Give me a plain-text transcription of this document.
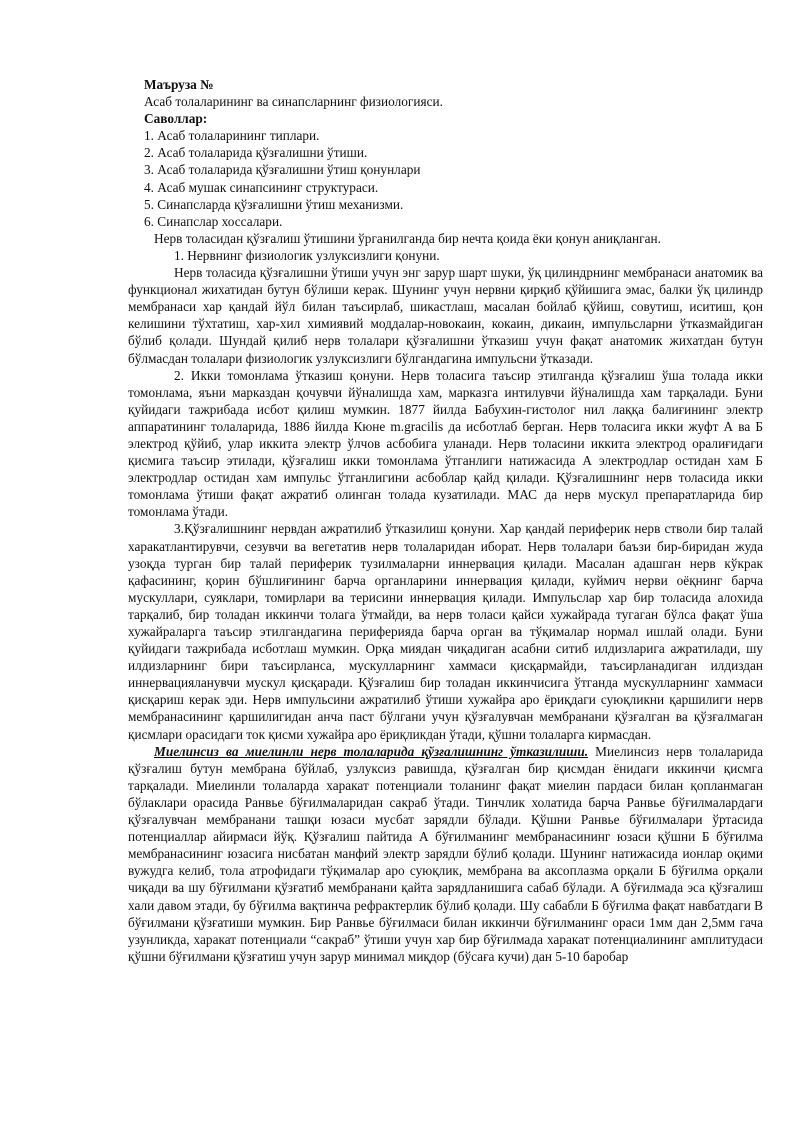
Маъруза №
Асаб толаларининг ва синапсларнинг физиологияси.
Саволлар:
1. Асаб толаларининг типлари.
2. Асаб толаларида қўзғалишни ўтиши.
3. Асаб толаларида қўзғалишни ўтиш қонунлари
4. Асаб мушак синапсининг структураси.
5. Синапсларда қўзғалишни ўтиш механизми.
6. Синапслар хоссалари.
Нерв толасидан қўзғалиш ўтишини ўрганилганда бир нечта қоида ёки қонун аниқланган.
1. Нервнинг физиологик узлуксизлиги қонуни.
Нерв толасида қўзғалишни ўтиши учун энг зарур шарт шуки, ўқ цилиндрнинг мембранаси анатомик ва функционал жихатидан бутун бўлиши керак. Шунинг учун нервни қирқиб қўйишига эмас, балки ўқ цилиндр мембранаси хар қандай йўл билан таъсирлаб, шикастлаш, масалан бойлаб қўйиш, совутиш, иситиш, қон келишини тўхтатиш, хар-хил химиявий моддалар-новокаин, кокаин, дикаин, импульсларни ўтказмайдиган бўлиб қолади. Шундай қилиб нерв толалари қўзғалишни ўтказиш учун фақат анатомик жихатдан бутун бўлмасдан толалари физиологик узлуксизлиги бўлгандагина импульсни ўтказади.
2. Икки томонлама ўтказиш қонуни. Нерв толасига таъсир этилганда қўзғалиш ўша толада икки томонлама, яъни марказдан қочувчи йўналишда хам, марказга интилувчи йўналишда хам тарқалади. Буни қуйидаги тажрибада исбот қилиш мумкин. 1877 йилда Бабухин-гистолог нил лаққа балиғининг электр аппаратининг толаларида, 1886 йилда Кюне m.gracilis да исботлаб берган. Нерв толасига икки жуфт А ва Б электрод қўйиб, улар иккита электр ўлчов асбобига уланади. Нерв толасини иккита электрод оралиғидаги қисмига таъсир этилади, қўзғалиш икки томонлама ўтганлиги натижасида А электродлар остидан хам Б электродлар остидан хам импульс ўтганлигини асбоблар қайд қилади. Қўзғалишнинг нерв толасида икки томонлама ўтиши фақат ажратиб олинган толада кузатилади. МАС да нерв мускул препаратларида бир томонлама ўтади.
3.Қўзғалишнинг нервдан ажратилиб ўтказилиш қонуни. Хар қандай периферик нерв стволи бир талай харакатлантирувчи, сезувчи ва вегетатив нерв толаларидан иборат. Нерв толалари баъзи бир-биридан жуда узоқда турган бир талай периферик тузилмаларни иннервация қилади. Масалан адашган нерв кўкрак қафасининг, қорин бўшлиғининг барча органларини иннервация қилади, куймич нерви оёқнинг барча мускуллари, суяклари, томирлари ва терисини иннервация қилади. Импульслар хар бир толасида алохида тарқалиб, бир толадан иккинчи толага ўтмайди, ва нерв толаси қайси хужайрада тугаган бўлса фақат ўша хужайраларга таъсир этилгандагина периферияда барча орган ва тўқималар нормал ишлай олади. Буни қуйидаги тажрибада исботлаш мумкин. Орқа миядан чиқадиган асабни ситиб илдизларига ажратилади, шу илдизларнинг бири таъсирланса, мускулларнинг хаммаси қисқармайди, таъсирланадиган илдиздан иннервацияланувчи мускул қисқаради. Қўзғалиш бир толадан иккинчисига ўтганда мускулларнинг хаммаси қисқариш керак эди. Нерв импульсини ажратилиб ўтиши хужайра аро ёриқдаги суюқликни қаршилиги нерв мембранасининг қаршилигидан анча паст бўлгани учун қўзғалувчан мембранани қўзғалган ва қўзғалмаган қисмлари орасидаги ток қисми хужайра аро ёриқликдан ўтади, қўшни толаларга кирмасдан.
Миелинсиз ва миелинли нерв толаларида қўзғалишнинг ўтказилиши. Миелинсиз нерв толаларида қўзғалиш бутун мембрана бўйлаб, узлуксиз равишда, қўзғалган бир қисмдан ёнидаги иккинчи қисмга тарқалади. Миелинли толаларда харакат потенциали толанинг фақат миелин пардаси билан қопланмаган бўлаклари орасида Ранвье бўғилмаларидан сакраб ўтади. Тинчлик холатида барча Ранвье бўғилмалардаги қўзғалувчан мембранани ташқи юзаси мусбат зарядли бўлади. Қўшни Ранвье бўғилмалари ўртасида потенциаллар айирмаси йўқ. Қўзғалиш пайтида А бўғилманинг мембранасининг юзаси қўшни Б бўғилма мембранасининг юзасига нисбатан манфий электр зарядли бўлиб қолади. Шунинг натижасида ионлар оқими вужудга келиб, тола атрофидаги тўқималар аро суюқлик, мембрана ва аксоплазма орқали Б бўғилма орқали чиқади ва шу бўғилмани қўзғатиб мембранани қайта зарядланишига сабаб бўлади. А бўғилмада эса қўзғалиш хали давом этади, бу бўғилма вақтинча рефрактерлик бўлиб қолади. Шу сабабли Б бўғилма фақат навбатдаги В бўғилмани қўзғатиши мумкин. Бир Ранвье бўғилмаси билан иккинчи бўғилманинг ораси 1мм дан 2,5мм гача узунликда, харакат потенциали “сакраб” ўтиши учун хар бир бўғилмада харакат потенциалининг амплитудаси қўшни бўғилмани қўзғатиш учун зарур минимал миқдор (бўсаға кучи) дан 5-10 баробар
